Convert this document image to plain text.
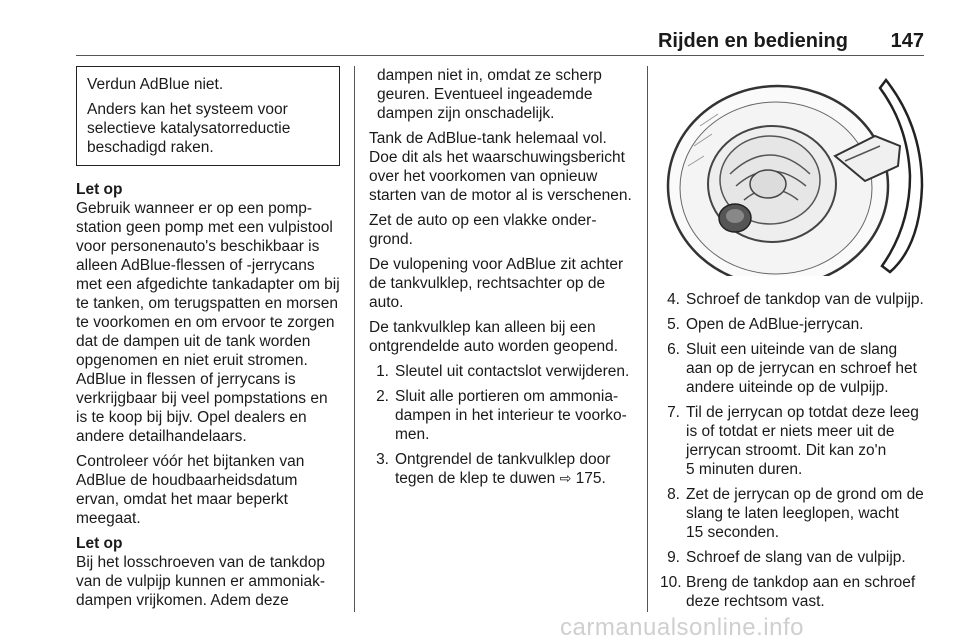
Rijden en bediening 147

Verdun AdBlue niet.

Anders kan het systeem voor selectieve katalysatorreductie beschadigd raken.

Let op

Gebruik wanneer er op een pompstation geen pomp met een vulpistool voor personenauto's beschikbaar is alleen AdBlue-flessen of -jerrycans met een afgedichte tankadapter om bij te tanken, om terugspatten en morsen te voorkomen en om ervoor te zorgen dat de dampen uit de tank worden opgenomen en niet eruit stromen. AdBlue in flessen of jerrycans is verkrijgbaar bij veel pompstations en is te koop bij bijv. Opel dealers en andere detailhandelaars.

Controleer vóór het bijtanken van AdBlue de houdbaarheidsdatum ervan, omdat het maar beperkt meegaat.

Let op

Bij het losschroeven van de tankdop van de vulpijp kunnen er ammoniakdampen vrijkomen. Adem deze

dampen niet in, omdat ze scherp geuren. Eventueel ingeademde dampen zijn onschadelijk.

Tank de AdBlue-tank helemaal vol. Doe dit als het waarschuwingsbericht over het voorkomen van opnieuw starten van de motor al is verschenen.

Zet de auto op een vlakke ondergrond.

De vulopening voor AdBlue zit achter de tankvulklep, rechtsachter op de auto.

De tankvulklep kan alleen bij een ontgrendelde auto worden geopend.

1. Sleutel uit contactslot verwijderen.
2. Sluit alle portieren om ammoniadampen in het interieur te voorkomen.
3. Ontgrendel de tankvulklep door tegen de klep te duwen ⇨ 175.
4. Schroef de tankdop van de vulpijp.
5. Open de AdBlue-jerrycan.
6. Sluit een uiteinde van de slang aan op de jerrycan en schroef het andere uiteinde op de vulpijp.
7. Til de jerrycan op totdat deze leeg is of totdat er niets meer uit de jerrycan stroomt. Dit kan zo'n
5 minuten duren.
8. Zet de jerrycan op de grond om de slang te laten leeglopen, wacht
15 seconden.
9. Schroef de slang van de vulpijp.
10. Breng de tankdop aan en schroef deze rechtsom vast.
carmanualsonline.info
